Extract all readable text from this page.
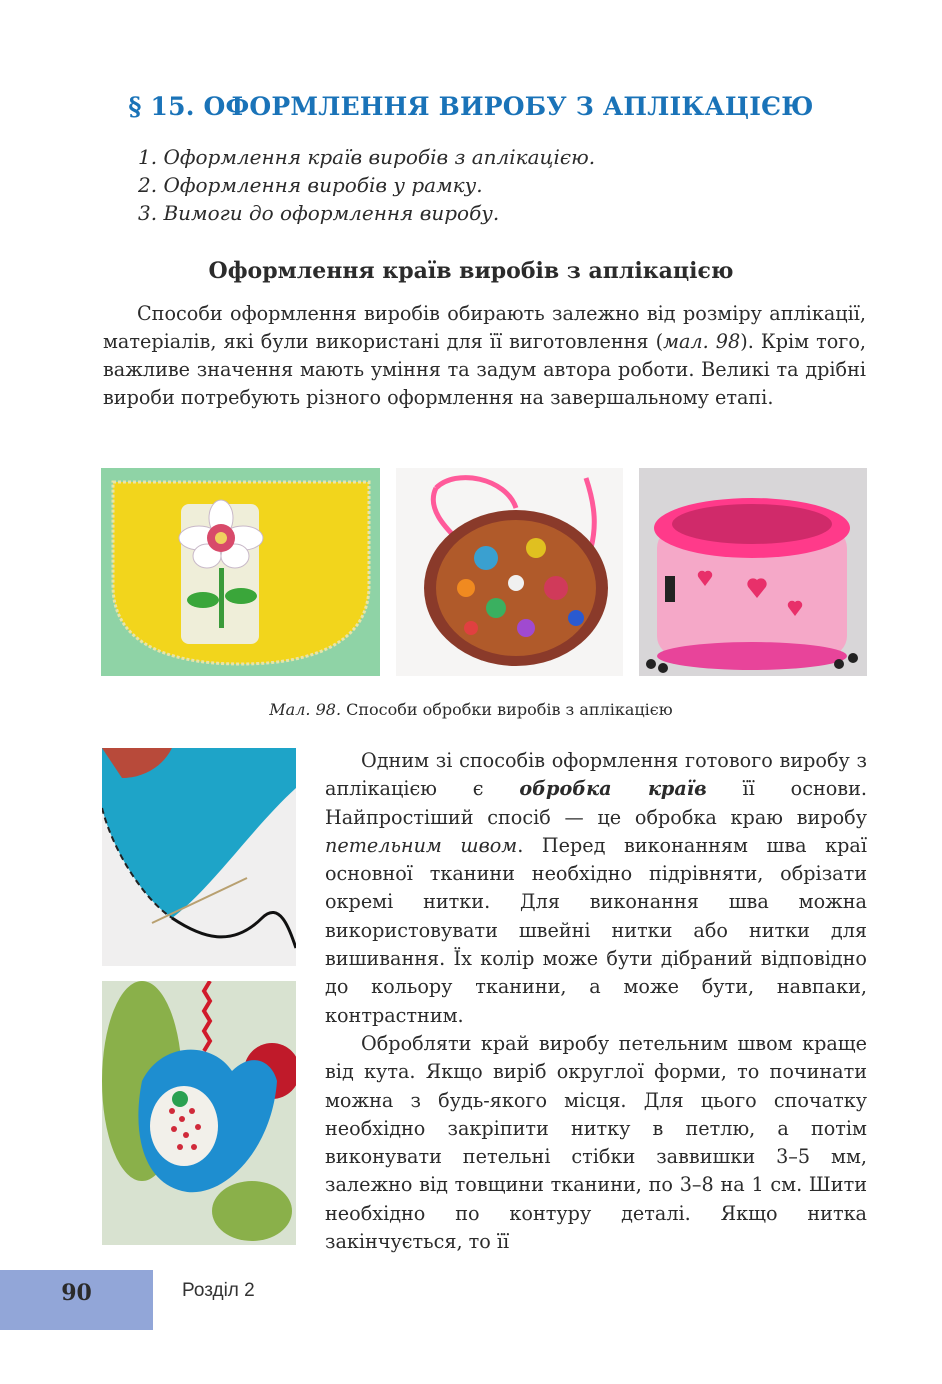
§ 15. ОФОРМЛЕННЯ ВИРОБУ З АПЛІКАЦІЄЮ
1. Оформлення країв виробів з аплікацією.
2. Оформлення виробів у рамку.
3. Вимоги до оформлення виробу.
Оформлення країв виробів з аплікацією

Способи оформлення виробів обирають залежно від розміру аплікації, матеріалів, які були використані для її виготовлення (мал. 98). Крім того, важливе значення мають уміння та задум автора роботи. Великі та дрібні вироби потребують різного оформлення на завершальному етапі.

Мал. 98. Способи обробки виробів з аплікацією

Одним зі способів оформлення готового виробу з аплікацією є обробка країв її основи. Найпростіший спосіб — це обробка краю виробу петельним швом. Перед виконанням шва краї основної тканини необхідно підрівняти, обрізати окремі нитки. Для виконання шва можна використовувати швейні нитки або нитки для вишивання. Їх колір може бути дібраний відповідно до кольору тканини, а може бути, навпаки, контрастним.

Обробляти край виробу петельним швом краще від кута. Якщо виріб округлої форми, то починати можна з будь-якого місця. Для цього спочатку необхідно закріпити нитку в петлю, а потім виконувати петельні стібки заввишки 3–5 мм, залежно від товщини тканини, по 3–8 на 1 см. Шити необхідно по контуру деталі. Якщо нитка закінчується, то її

90	Розділ 2
